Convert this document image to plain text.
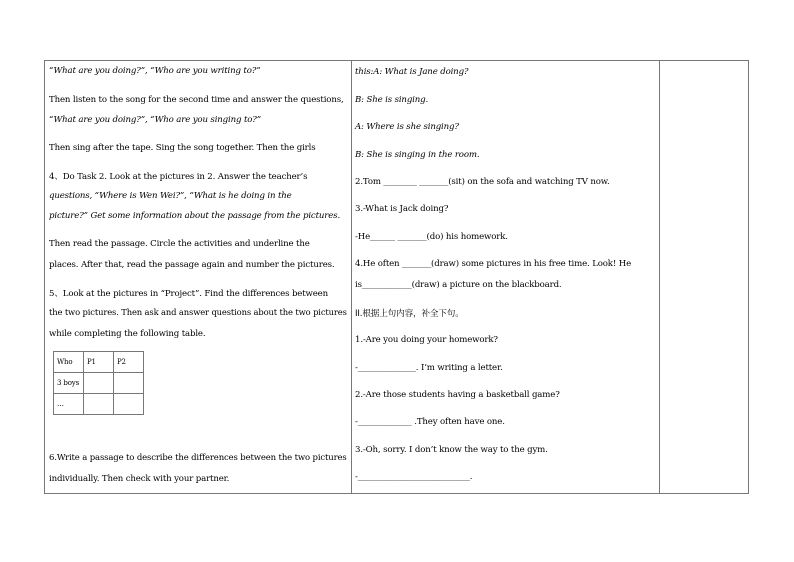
“What are you doing?”, “Who are you writing to?”
Then listen to the song for the second time and answer the questions,
“What are you doing?”, “Who are you singing to?”
Then sing after the tape. Sing the song together. Then the girls
4、Do Task 2. Look at the pictures in 2. Answer the teacher’s
questions, “Where is Wen Wei?”, “What is he doing in the
picture?” Get some information about the passage from the pictures.
Then read the passage. Circle the activities and underline the
places. After that, read the passage again and number the pictures.
5、Look at the pictures in “Project”. Find the differences between
the two pictures. Then ask and answer questions about the two pictures
while completing the following table.
Who	P1	P2
3 boys		
…		
6.Write a passage to describe the differences between the two pictures
individually. Then check with your partner.
this:A: What is Jane doing?
B: She is singing.
A: Where is she singing?
B: She is singing in the room.
2.Tom ________ _______(sit) on the sofa and watching TV now.
3.-What is Jack doing?
-He______ _______(do) his homework.
4.He often _______(draw) some pictures in his free time. Look! He
is____________(draw) a picture on the blackboard.
II.根据上句内容，补全下句。
1.-Are you doing your homework?
-______________. I’m writing a letter.
2.-Are those students having a basketball game?
-_____________ .They often have one.
3.-Oh, sorry. I don’t know the way to the gym.
-___________________________.
